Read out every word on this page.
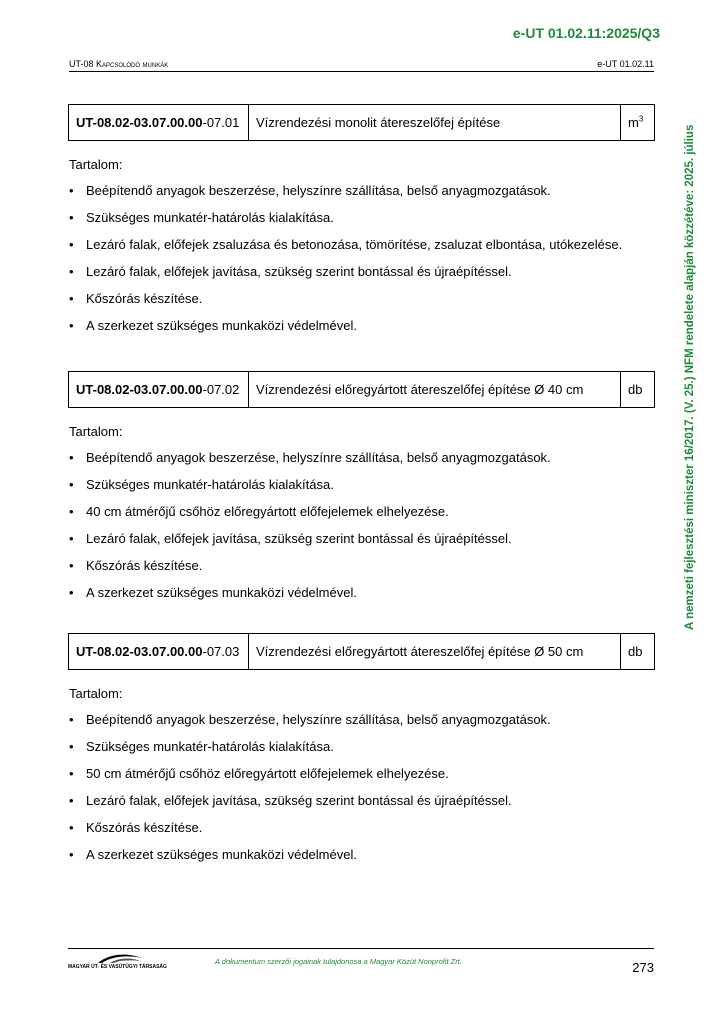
e-UT 01.02.11:2025/Q3
UT-08 Kapcsolódó munkák	e-UT 01.02.11
A nemzeti fejlesztési miniszter 16/2017. (V. 25.) NFM rendelete alapján közzétéve: 2025. július
UT-08.02-03.07.00.00-07.01	Vízrendezési monolit átereszelőfej építése	$m^3$
Tartalom:
• Beépítendő anyagok beszerzése, helyszínre szállítása, belső anyagmozgatások.
• Szükséges munkatér-határolás kialakítása.
• Lezáró falak, előfejek zsaluzása és betonozása, tömörítése, zsaluzat elbontása, utókezelése.
• Lezáró falak, előfejek javítása, szükség szerint bontással és újraépítéssel.
• Kőszórás készítése.
• A szerkezet szükséges munkaközi védelmével.
UT-08.02-03.07.00.00-07.02	Vízrendezési előregyártott átereszelőfej építése Ø 40 cm	db
Tartalom:
• Beépítendő anyagok beszerzése, helyszínre szállítása, belső anyagmozgatások.
• Szükséges munkatér-határolás kialakítása.
• 40 cm átmérőjű csőhöz előregyártott előfejelemek elhelyezése.
• Lezáró falak, előfejek javítása, szükség szerint bontással és újraépítéssel.
• Kőszórás készítése.
• A szerkezet szükséges munkaközi védelmével.
UT-08.02-03.07.00.00-07.03	Vízrendezési előregyártott átereszelőfej építése Ø 50 cm	db
Tartalom:
• Beépítendő anyagok beszerzése, helyszínre szállítása, belső anyagmozgatások.
• Szükséges munkatér-határolás kialakítása.
• 50 cm átmérőjű csőhöz előregyártott előfejelemek elhelyezése.
• Lezáró falak, előfejek javítása, szükség szerint bontással és újraépítéssel.
• Kőszórás készítése.
• A szerkezet szükséges munkaközi védelmével.
MAGYAR ÚT- ÉS VASÚTÜGYI TÁRSASÁG
A dokumentum szerzői jogainak tulajdonosa a Magyar Közút Nonprofit Zrt.	273
